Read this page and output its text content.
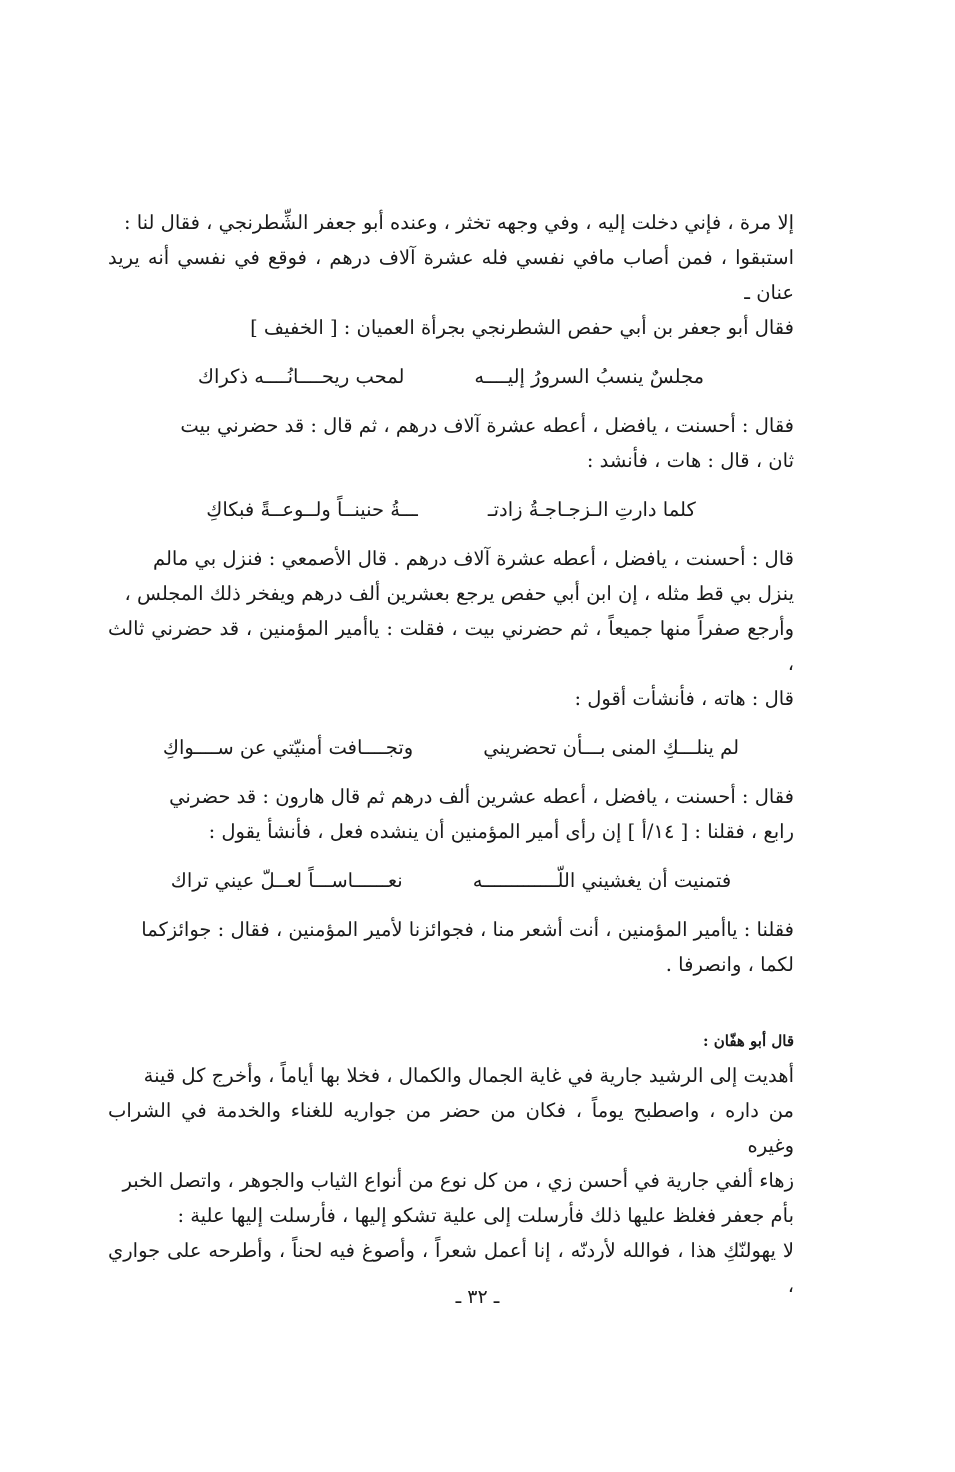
إلا مرة ، فإني دخلت إليه ، وفي وجهه تخثر ، وعنده أبو جعفر الشِّطرنجي ، فقال لنا :

استبقوا ، فمن أصاب مافي نفسي فله عشرة آلاف درهم ، فوقع في نفسي أنه يريد عنان ـ

فقال أبو جعفر بن أبي حفص الشطرنجي بجرأة العميان : [ الخفيف ]

مجلسٌ ينسبُ السرورُ إليــــه
لمحب ريحــــانُــــه ذكراك

فقال : أحسنت ، يافضل ، أعطه عشرة آلاف درهم ، ثم قال : قد حضرني بيت

ثان ، قال : هات ، فأنشد :

كلما دارتِ الـزجـاجـةُ زادتـ
ـــةُ حنينــاً ولــوعــةً فبكاكِ

قال : أحسنت ، يافضل ، أعطه عشرة آلاف درهم . قال الأصمعي : فنزل بي مالم

ينزل بي قط مثله ، إن ابن أبي حفص يرجع بعشرين ألف درهم ويفخر ذلك المجلس ،

وأرجع صفراً منها جميعاً ، ثم حضرني بيت ، فقلت : ياأمير المؤمنين ، قد حضرني ثالث ،

قال : هاته ، فأنشأت أقول :

لم ينلـــكِ المنى بـــأن تحضريني
وتجــــافت أمنيّتي عن ســــواكِ

فقال : أحسنت ، يافضل ، أعطه عشرين ألف درهم ثم قال هارون : قد حضرني

رابع ، فقلنا : [ ١٤/أ ] إن رأى أمير المؤمنين أن ينشده فعل ، فأنشأ يقول :

فتمنيت أن يغشيني اللّـــــــــــــه
نعــــــاســـاً لعــلّ عيني تراك

فقلنا : ياأمير المؤمنين ، أنت أشعر منا ، فجوائزنا لأمير المؤمنين ، فقال : جوائزكما

لكما ، وانصرفا .

قال أبو هفّان :

أهديت إلى الرشيد جارية في غاية الجمال والكمال ، فخلا بها أياماً ، وأخرج كل قينة

من داره ، واصطبح يوماً ، فكان من حضر من جواريه للغناء والخدمة في الشراب وغيره

زهاء ألفي جارية في أحسن زي ، من كل نوع من أنواع الثياب والجوهر ، واتصل الخبر

بأم جعفر فغلظ عليها ذلك فأرسلت إلى علية تشكو إليها ، فأرسلت إليها علية :

لا يهولنّكِ هذا ، فوالله لأردنّه ، إنا أعمل شعراً ، وأصوغ فيه لحناً ، وأطرحه على جواري ،

ـ ٣٢ ـ
